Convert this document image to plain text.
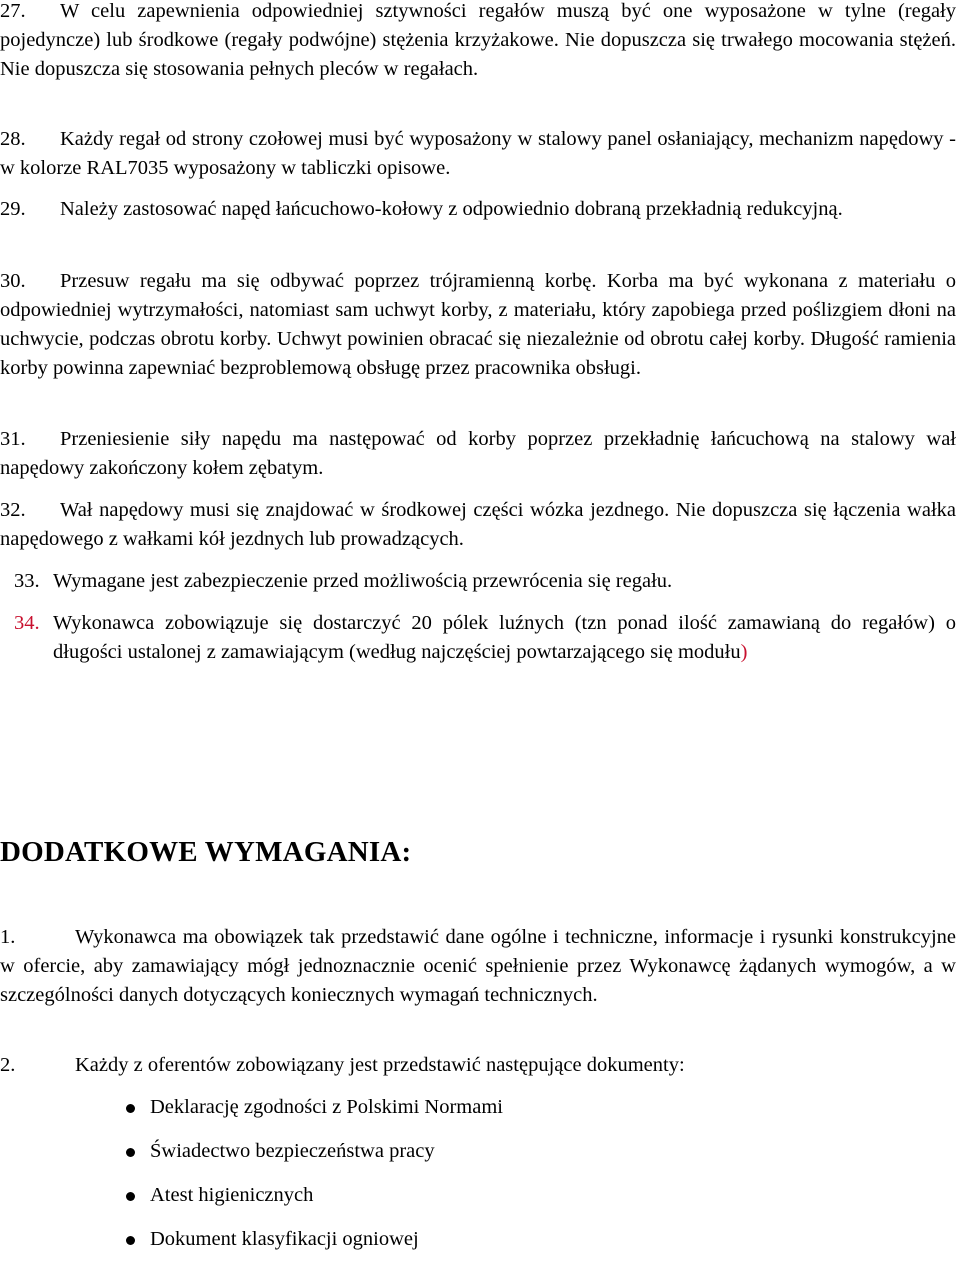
27. W celu zapewnienia odpowiedniej sztywności regałów muszą być one wyposażone w tylne (regały pojedyncze) lub środkowe (regały podwójne) stężenia krzyżakowe. Nie dopuszcza się trwałego mocowania stężeń. Nie dopuszcza się stosowania pełnych pleców w regałach.
28. Każdy regał od strony czołowej musi być wyposażony w stalowy panel osłaniający, mechanizm napędowy - w kolorze RAL7035 wyposażony w tabliczki opisowe.
29. Należy zastosować napęd łańcuchowo-kołowy z odpowiednio dobraną przekładnią redukcyjną.
30. Przesuw regału ma się odbywać poprzez trójramienną korbę. Korba ma być wykonana z materiału o odpowiedniej wytrzymałości, natomiast sam uchwyt korby, z materiału, który zapobiega przed poślizgiem dłoni na uchwycie, podczas obrotu korby. Uchwyt powinien obracać się niezależnie od obrotu całej korby. Długość ramienia korby powinna zapewniać bezproblemową obsługę przez pracownika obsługi.
31. Przeniesienie siły napędu ma następować od korby poprzez przekładnię łańcuchową na stalowy wał napędowy zakończony kołem zębatym.
32. Wał napędowy musi się znajdować w środkowej części wózka jezdnego. Nie dopuszcza się łączenia wałka napędowego z wałkami kół jezdnych lub prowadzących.
33. Wymagane jest zabezpieczenie przed możliwością przewrócenia się regału.
34. Wykonawca zobowiązuje się dostarczyć 20 pólek luźnych (tzn ponad ilość zamawianą do regałów) o długości ustalonej z zamawiającym (według najczęściej powtarzającego się modułu)
DODATKOWE WYMAGANIA:
1.	Wykonawca ma obowiązek tak przedstawić dane ogólne i techniczne, informacje i rysunki konstrukcyjne w ofercie, aby zamawiający mógł jednoznacznie ocenić spełnienie przez Wykonawcę żądanych wymogów, a w szczególności danych dotyczących koniecznych wymagań technicznych.
2.	Każdy z oferentów zobowiązany jest przedstawić następujące dokumenty:
Deklarację zgodności z Polskimi Normami
Świadectwo bezpieczeństwa pracy
Atest higienicznych
Dokument klasyfikacji ogniowej
